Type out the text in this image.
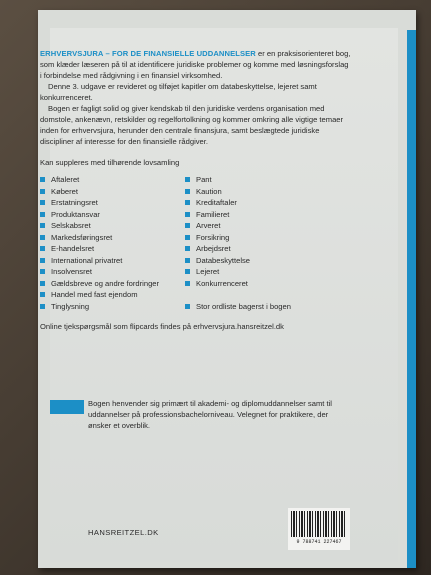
ERHVERVSJURA – FOR DE FINANSIELLE UDDANNELSER er en praksisorienteret bog, som klæder læseren på til at identificere juridiske problemer og komme med løsningsforslag i forbindelse med rådgivning i en finansiel virksomhed.

Denne 3. udgave er revideret og tilføjet kapitler om databeskyttelse, lejeret samt konkurrenceret.

Bogen er fagligt solid og giver kendskab til den juridiske verdens organisation med domstole, ankenævn, retskilder og regelfortolkning og kommer omkring alle vigtige temaer inden for erhvervsjura, herunder den centrale finansjura, samt beslægtede juridiske discipliner af interesse for den finansielle rådgiver.

Kan suppleres med tilhørende lovsamling
Aftaleret	Pant
Køberet	Kaution
Erstatningsret	Kreditaftaler
Produktansvar	Familieret
Selskabsret	Arveret
Markedsføringsret	Forsikring
E-handelsret	Arbejdsret
International privatret	Databeskyttelse
Insolvensret	Lejeret
Gældsbreve og andre fordringer	Konkurrenceret
Handel med fast ejendom
Tinglysning	Stor ordliste bagerst i bogen
Online tjekspørgsmål som flipcards findes på erhvervsjura.hansreitzel.dk
Bogen henvender sig primært til akademi- og diplomuddannelser samt til uddannelser på professionsbachelorniveau. Velegnet for praktikere, der ønsker et overblik.
HANSREITZEL.DK
9 788741 227467
